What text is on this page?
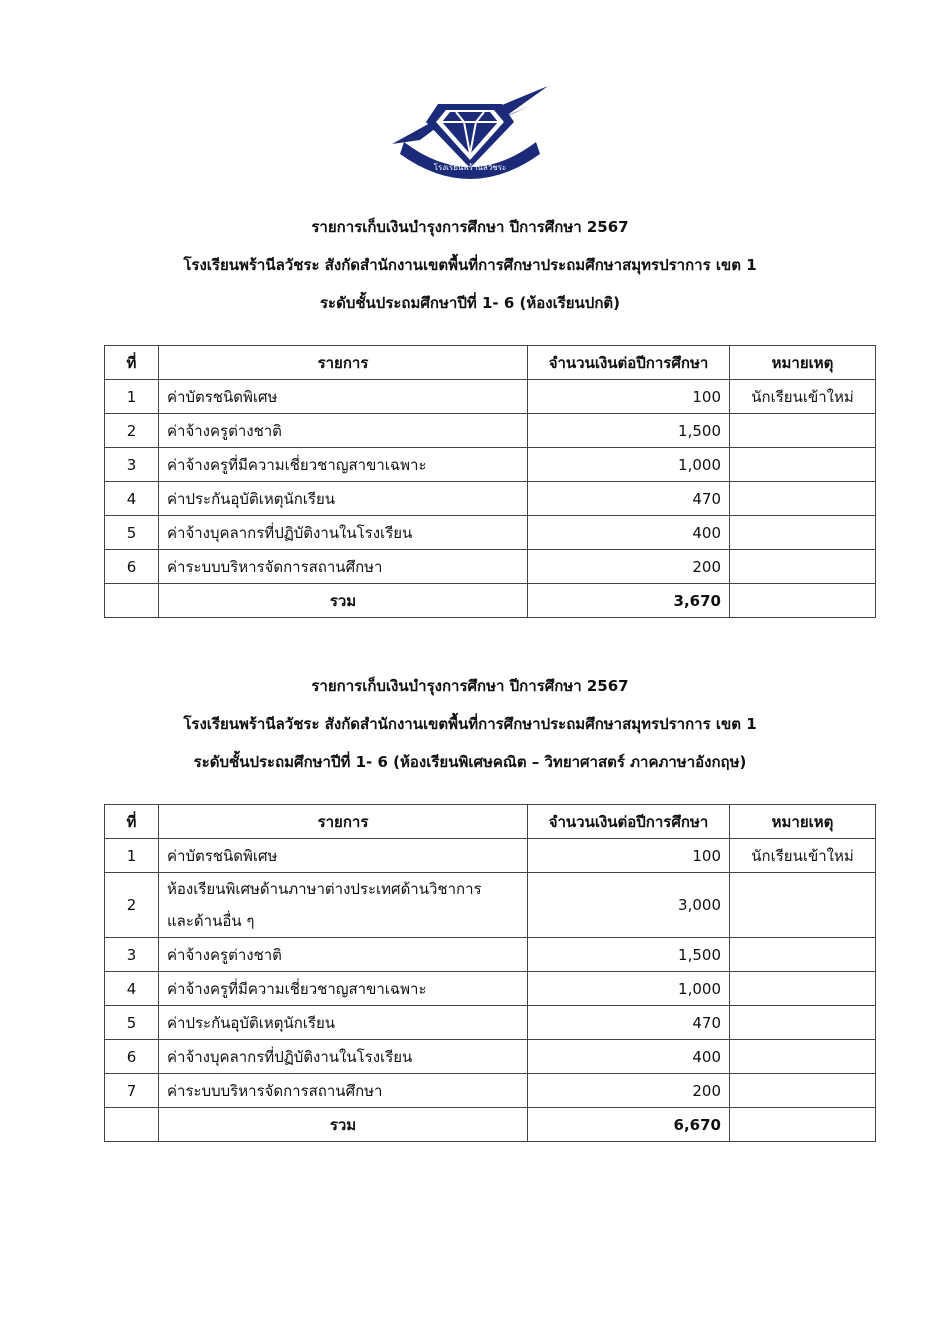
โรงเรียนพร้านีลวัชระ
รายการเก็บเงินบำรุงการศึกษา ปีการศึกษา 2567
โรงเรียนพร้านีลวัชระ สังกัดสำนักงานเขตพื้นที่การศึกษาประถมศึกษาสมุทรปราการ เขต 1
ระดับชั้นประถมศึกษาปีที่ 1- 6 (ห้องเรียนปกติ)
ที่	รายการ	จำนวนเงินต่อปีการศึกษา	หมายเหตุ
1	ค่าบัตรชนิดพิเศษ	100	นักเรียนเข้าใหม่
2	ค่าจ้างครูต่างชาติ	1,500	
3	ค่าจ้างครูที่มีความเชี่ยวชาญสาขาเฉพาะ	1,000	
4	ค่าประกันอุบัติเหตุนักเรียน	470	
5	ค่าจ้างบุคลากรที่ปฏิบัติงานในโรงเรียน	400	
6	ค่าระบบบริหารจัดการสถานศึกษา	200	
	รวม	3,670	
รายการเก็บเงินบำรุงการศึกษา ปีการศึกษา 2567
โรงเรียนพร้านีลวัชระ สังกัดสำนักงานเขตพื้นที่การศึกษาประถมศึกษาสมุทรปราการ เขต 1
ระดับชั้นประถมศึกษาปีที่ 1- 6 (ห้องเรียนพิเศษคณิต – วิทยาศาสตร์ ภาคภาษาอังกฤษ)
ที่	รายการ	จำนวนเงินต่อปีการศึกษา	หมายเหตุ
1	ค่าบัตรชนิดพิเศษ	100	นักเรียนเข้าใหม่
2	ห้องเรียนพิเศษด้านภาษาต่างประเทศด้านวิชาการ
และด้านอื่น ๆ	3,000	
3	ค่าจ้างครูต่างชาติ	1,500	
4	ค่าจ้างครูที่มีความเชี่ยวชาญสาขาเฉพาะ	1,000	
5	ค่าประกันอุบัติเหตุนักเรียน	470	
6	ค่าจ้างบุคลากรที่ปฏิบัติงานในโรงเรียน	400	
7	ค่าระบบบริหารจัดการสถานศึกษา	200	
	รวม	6,670	
